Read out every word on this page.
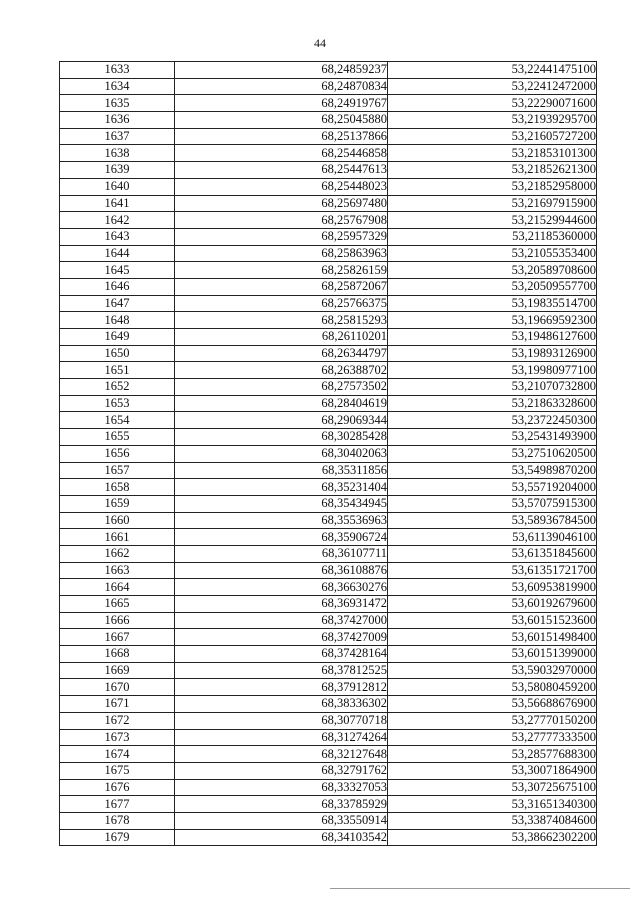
44
1633	68,24859237	53,22441475100
1634	68,24870834	53,22412472000
1635	68,24919767	53,22290071600
1636	68,25045880	53,21939295700
1637	68,25137866	53,21605727200
1638	68,25446858	53,21853101300
1639	68,25447613	53,21852621300
1640	68,25448023	53,21852958000
1641	68,25697480	53,21697915900
1642	68,25767908	53,21529944600
1643	68,25957329	53,21185360000
1644	68,25863963	53,21055353400
1645	68,25826159	53,20589708600
1646	68,25872067	53,20509557700
1647	68,25766375	53,19835514700
1648	68,25815293	53,19669592300
1649	68,26110201	53,19486127600
1650	68,26344797	53,19893126900
1651	68,26388702	53,19980977100
1652	68,27573502	53,21070732800
1653	68,28404619	53,21863328600
1654	68,29069344	53,23722450300
1655	68,30285428	53,25431493900
1656	68,30402063	53,27510620500
1657	68,35311856	53,54989870200
1658	68,35231404	53,55719204000
1659	68,35434945	53,57075915300
1660	68,35536963	53,58936784500
1661	68,35906724	53,61139046100
1662	68,36107711	53,61351845600
1663	68,36108876	53,61351721700
1664	68,36630276	53,60953819900
1665	68,36931472	53,60192679600
1666	68,37427000	53,60151523600
1667	68,37427009	53,60151498400
1668	68,37428164	53,60151399000
1669	68,37812525	53,59032970000
1670	68,37912812	53,58080459200
1671	68,38336302	53,56688676900
1672	68,30770718	53,27770150200
1673	68,31274264	53,27777333500
1674	68,32127648	53,28577688300
1675	68,32791762	53,30071864900
1676	68,33327053	53,30725675100
1677	68,33785929	53,31651340300
1678	68,33550914	53,33874084600
1679	68,34103542	53,38662302200
